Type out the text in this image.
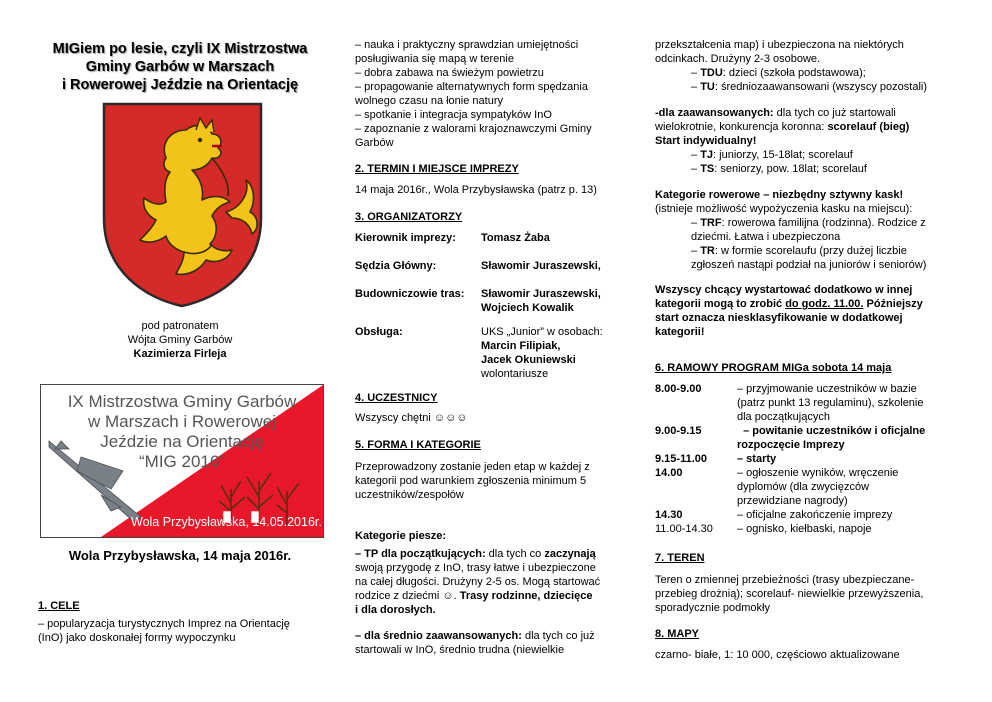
MIGiem po lesie, czyli IX Mistrzostwa
Gminy Garbów w Marszach
i Rowerowej Jeździe na Orientację
pod patronatem
Wójta Gminy Garbów
Kazimierza Firleja
IX Mistrzostwa Gminy Garbów
w Marszach i Rowerowej
Jeździe na Orientację
“MIG 2016”
Wola Przybysławska, 14.05.2016r.
Wola Przybysławska, 14 maja 2016r.
1. CELE
– popularyzacja turystycznych Imprez na Orientację
(InO) jako doskonałej formy wypoczynku
– nauka i praktyczny sprawdzian umiejętności
posługiwania się mapą w terenie
– dobra zabawa na świeżym powietrzu
– propagowanie alternatywnych form spędzania
wolnego czasu na łonie natury
– spotkanie i integracja sympatyków InO
– zapoznanie z walorami krajoznawczymi Gminy
Garbów
2. TERMIN I MIEJSCE IMPREZY
14 maja 2016r., Wola Przybysławska (patrz p. 13)
3. ORGANIZATORZY
Kierownik imprezy: Tomasz Żaba
Sędzia Główny:	Sławomir Juraszewski,
Budowniczowie tras: Sławomir Juraszewski,
Wojciech Kowalik
Obsługa:	UKS „Junior” w osobach:
Marcin Filipiak,
Jacek Okuniewski
wolontariusze
4. UCZESTNICY
Wszyscy chętni ☺☺☺
5. FORMA I KATEGORIE
Przeprowadzony zostanie jeden etap w każdej z
kategorii pod warunkiem zgłoszenia minimum 5
uczestników/zespołów
Kategorie piesze:
– TP dla początkujących: dla tych co zaczynają
swoją przygodę z InO, trasy łatwe i ubezpieczone
na całej długości. Drużyny 2-5 os. Mogą startować
rodzice z dziećmi ☺. Trasy rodzinne, dziecięce
i dla dorosłych.
– dla średnio zaawansowanych: dla tych co już
startowali w InO, średnio trudna (niewielkie
przekształcenia map) i ubezpieczona na niektórych
odcinkach. Drużyny 2-3 osobowe.
– TDU: dzieci (szkoła podstawowa);
– TU: średniozaawansowani (wszyscy pozostali)
-dla zaawansowanych: dla tych co już startowali
wielokrotnie, konkurencja koronna: scorelauf (bieg)
Start indywidualny!
– TJ: juniorzy, 15-18lat; scorelauf
– TS: seniorzy, pow. 18lat; scorelauf
Kategorie rowerowe – niezbędny sztywny kask!
(istnieje możliwość wypożyczenia kasku na miejscu):
– TRF: rowerowa familijna (rodzinna). Rodzice z
dziećmi. Łatwa i ubezpieczona
– TR: w formie scorelaufu (przy dużej liczbie
zgłoszeń nastąpi podział na juniorów i seniorów)
Wszyscy chcący wystartować dodatkowo w innej
kategorii mogą to zrobić do godz. 11.00. Późniejszy
start oznacza niesklasyfikowanie w dodatkowej
kategorii!
6. RAMOWY PROGRAM MIGa sobota 14 maja
8.00-9.00	– przyjmowanie uczestników w bazie
(patrz punkt 13 regulaminu), szkolenie
dla początkujących
9.00-9.15	– powitanie uczestników i oficjalne
rozpoczęcie Imprezy
9.15-11.00	– starty
14.00	– ogłoszenie wyników, wręczenie
dyplomów (dla zwycięzców
przewidziane nagrody)
14.30	– oficjalne zakończenie imprezy
11.00-14.30	– ognisko, kiełbaski, napoje
7. TEREN
Teren o zmiennej przebieżności (trasy ubezpieczane-
przebieg drożnią); scorelauf- niewielkie przewyższenia,
sporadycznie podmokły
8. MAPY
czarno- białe, 1: 10 000, częściowo aktualizowane
